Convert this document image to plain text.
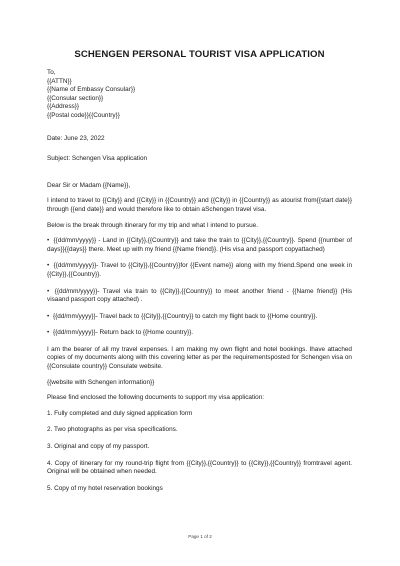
SCHENGEN PERSONAL TOURIST VISA APPLICATION
To,
{{ATTN}}
{{Name of Embassy Consular}}
{{Consular section}}
{{Address}}
{{Postal code}}{{Country}}
Date: June 23, 2022
Subject: Schengen Visa application
Dear Sir or Madam {{Name}},
I intend to travel to {{City}} and {{City}} in {{Country}} and {{City}} in {{Country}} as atourist from{{start date}} through {{end date}} and would therefore like to obtain aSchengen travel visa.
Below is the break through itinerary for my trip and what I intend to pursue.
• {{dd/mm/yyyy}} - Land in {{City}},{{Country}} and take the train to {{City}},{{Country}}. Spend {{number of days}}{{days}} there. Meet up with my friend {{Name friend}}. (His visa and passport copyattached)
• {{dd/mm/yyyy}}- Travel to {{City}},{{Country}}for {{Event name}} along with my friend.Spend one week in {{City}},{{Country}}.
• {{dd/mm/yyyy}}- Travel via train to {{City}},{{Country}} to meet another friend - {{Name friend}} (His visaand passport copy attached) .
• {{dd/mm/yyyy}}- Travel back to {{City}},{{Country}} to catch my flight back to {{Home country}}.
• {{dd/mm/yyyy}}- Return back to {{Home country}}.
I am the bearer of all my travel expenses. I am making my own flight and hotel bookings. Ihave attached copies of my documents along with this covering letter as per the requirementsposted for Schengen visa on {{Consulate country}} Consulate website.
{{website with Schengen information}}
Please find enclosed the following documents to support my visa application:
1. Fully completed and duly signed application form
2. Two photographs as per visa specifications.
3. Original and copy of my passport.
4. Copy of itinerary for my round-trip flight from {{City}},{{Country}} to {{City}},{{Country}} fromtravel agent. Original will be obtained when needed.
5. Copy of my hotel reservation bookings
Page 1 of 2
